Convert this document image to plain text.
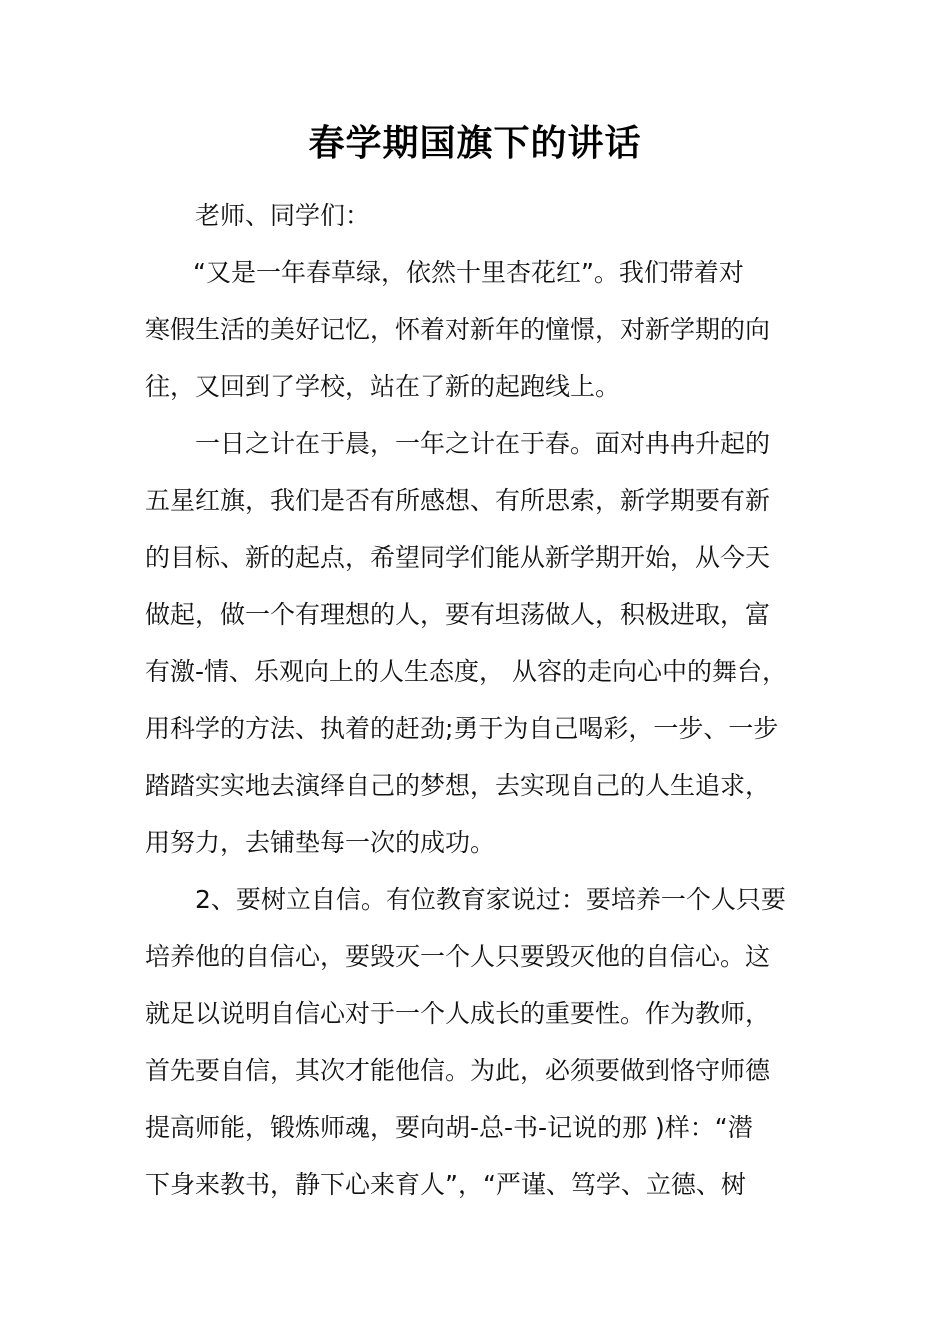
春学期国旗下的讲话
老师、同学们：
“又是一年春草绿，依然十里杏花红”。我们带着对
寒假生活的美好记忆，怀着对新年的憧憬，对新学期的向
往，又回到了学校，站在了新的起跑线上。
一日之计在于晨，一年之计在于春。面对冉冉升起的
五星红旗，我们是否有所感想、有所思索，新学期要有新
的目标、新的起点，希望同学们能从新学期开始，从今天
做起，做一个有理想的人，要有坦荡做人，积极进取，富
有激-情、乐观向上的人生态度， 从容的走向心中的舞台，
用科学的方法、执着的赶劲;勇于为自己喝彩，一步、一步
踏踏实实地去演绎自己的梦想，去实现自己的人生追求，
用努力，去铺垫每一次的成功。
2、要树立自信。有位教育家说过：要培养一个人只要
培养他的自信心，要毁灭一个人只要毁灭他的自信心。这
就足以说明自信心对于一个人成长的重要性。作为教师，
首先要自信，其次才能他信。为此，必须要做到恪守师德
提高师能，锻炼师魂，要向胡-总-书-记说的那 )样：“潜
下身来教书，静下心来育人”，“严谨、笃学、立德、树
